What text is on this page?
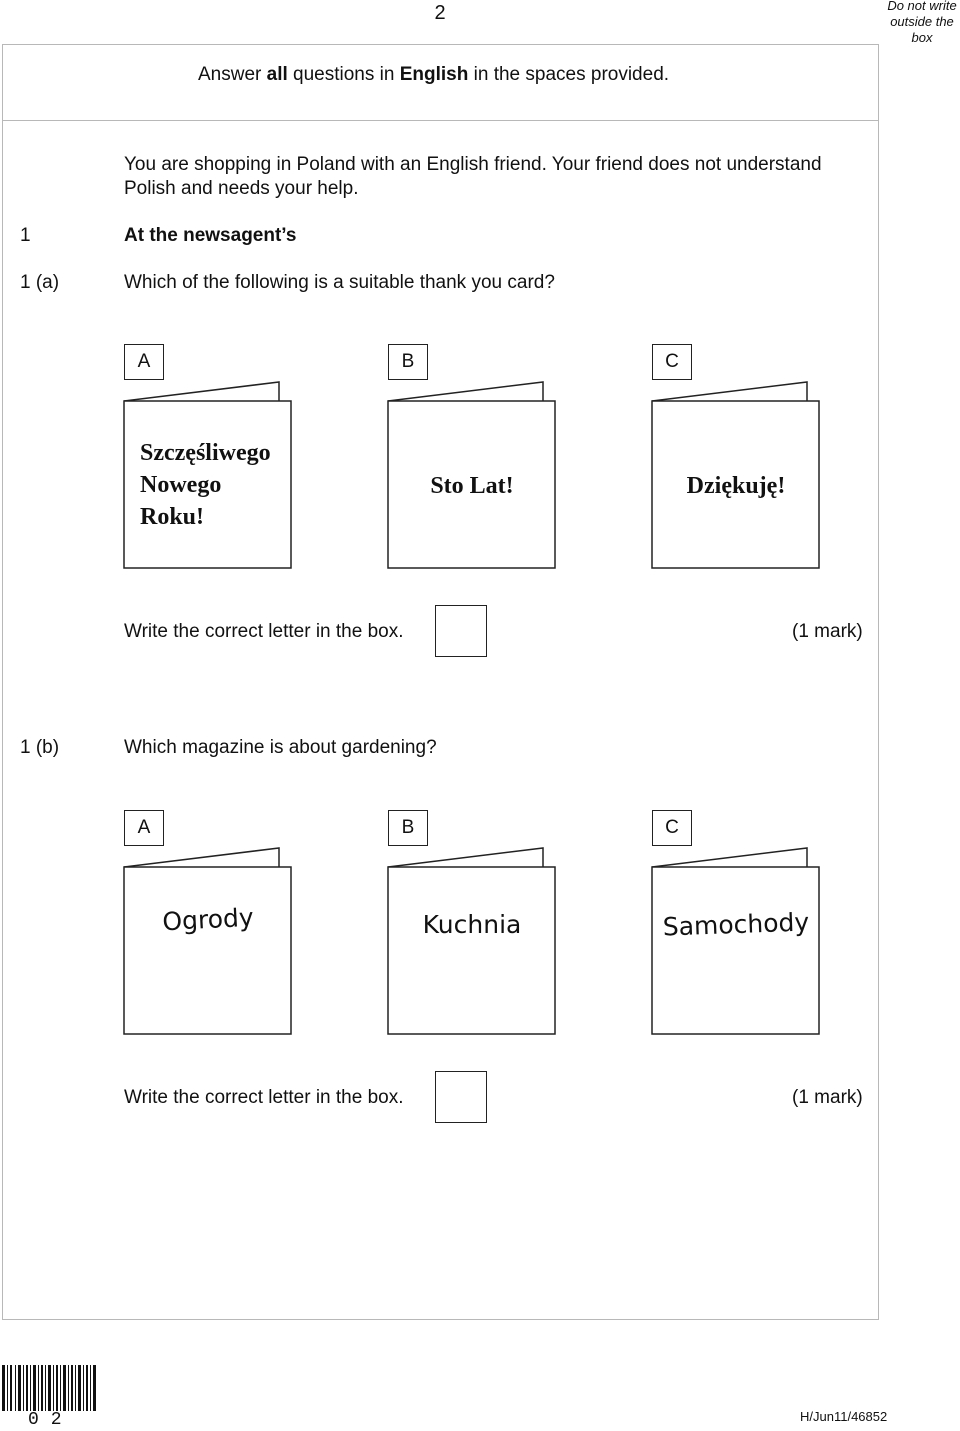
2	Do not write
outside the
box
Answer all questions in English in the spaces provided.
You are shopping in Poland with an English friend. Your friend does not understand
Polish and needs your help.
1	At the newsagent’s
1 (a)	Which of the following is a suitable thank you card?
A	B	C
Szczęśliwego
Nowego
Roku!
Sto Lat!	Dziękuję!
Write the correct letter in the box.	(1 mark)
1 (b)	Which magazine is about gardening?
A	B	C
Ogrody	Kuchnia	Samochody
Write the correct letter in the box.	(1 mark)
02	H/Jun11/46852
